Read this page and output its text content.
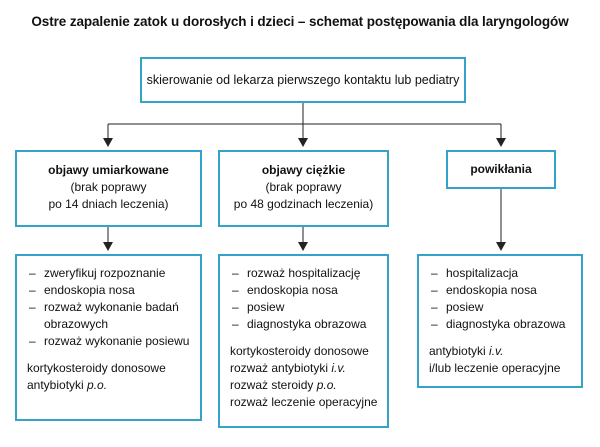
Ostre zapalenie zatok u dorosłych i dzieci – schemat postępowania dla laryngologów
skierowanie od lekarza pierwszego kontaktu lub pediatry
objawy umiarkowane
(brak poprawy
po 14 dniach leczenia)
objawy ciężkie
(brak poprawy
po 48 godzinach leczenia)
powikłania
– zweryfikuj rozpoznanie
– endoskopia nosa
– rozważ wykonanie badań obrazowych
– rozważ wykonanie posiewu
kortykosteroidy donosowe
antybiotyki p.o.
– rozważ hospitalizację
– endoskopia nosa
– posiew
– diagnostyka obrazowa
kortykosteroidy donosowe
rozważ antybiotyki i.v.
rozważ steroidy p.o.
rozważ leczenie operacyjne
– hospitalizacja
– endoskopia nosa
– posiew
– diagnostyka obrazowa
antybiotyki i.v.
i/lub leczenie operacyjne
